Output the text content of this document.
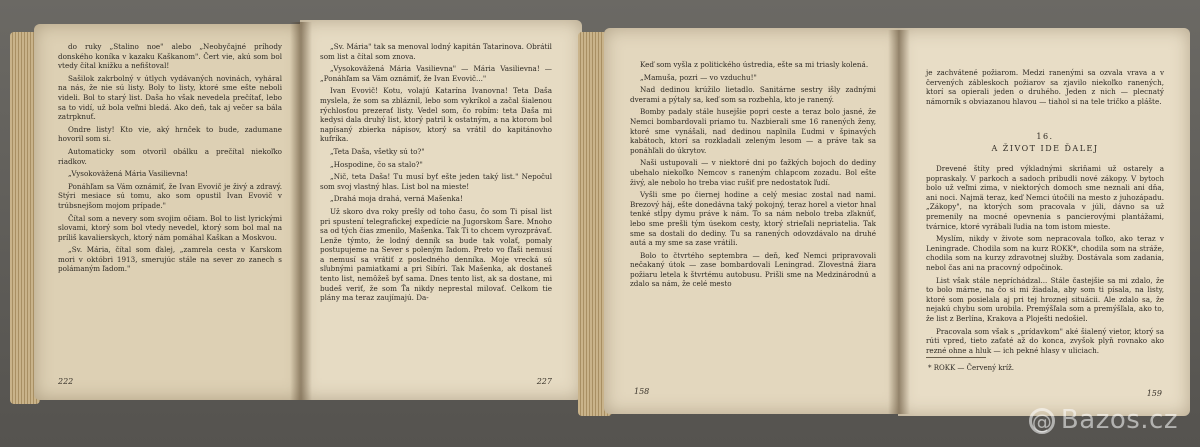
do ruky „Stalino noe" alebo „Neobyčajné príhody donského koníka v kazaku Kaškanom". Čert vie, akú som bol vtedy čítal knižku a nefištoval!

Sašilok zakrbolný v útlych vydávaných novinách, vyháral na nás, že nie sú listy. Boly to listy, ktoré sme ešte neboli videli. Bol to starý list. Daša ho však nevedela prečítať, lebo sa to vidí, už bola veľmi bledá. Ako deň, tak aj večer sa bála zatrpknuť.

Ondre listy! Kto vie, aký hrnček to bude, zadumane hovoril som si.

Automaticky som otvoril obálku a prečítal niekoľko riadkov.

„Vysokoväžená Mária Vasilievna!

Ponáhľam sa Vám oznámiť, že Ivan Evovič je živý a zdravý. Stýri mesiace sú tomu, ako som opustil Ivan Evovič v trúbsnejšom mojom prípade."

Čítal som a nevery som svojim očiam. Bol to list lyrickými slovami, ktorý som bol vtedy nevedel, ktorý som bol mal na príliš kavalierskych, ktorý nám pomáhal Kaškan a Moskvou.

„Sv. Mária, čítal som ďalej, „zamrela cesta v Karskom mori v októbri 1913, smerujúc stále na sever zo zanech s polámaným ľadom."

222

„Sv. Mária" tak sa menoval lodný kapitán Tatarinova. Obrátil som list a čítal som znova.

„Vysokoväžená Mária Vasilievna" — Mária Vasilievna! — „Ponáhľam sa Vám oznámiť, že Ivan Evovič..."

Ivan Evovič! Kotu, volajú Katarína Ivanovna! Teta Daša myslela, že som sa zbláznil, lebo som vykríkol a začal šialenou rýchlosťou prezerať listy. Vedel som, čo robím: teta Daša mi kedysi dala druhý list, ktorý patril k ostatným, a na ktorom bol napísaný zbierka nápisov, ktorý sa vrátil do kapitánovho kufríka.

„Teta Daša, všetky sú to?"

„Hospodine, čo sa stalo?"

„Nič, teta Daša! Tu musí byť ešte jeden taký list." Nepočul som svoj vlastný hlas. List bol na mieste!

„Drahá moja drahá, verná Mašenka!

Už skoro dva roky prešly od toho času, čo som Ti písal list pri spustení telegrafickej expedície na Jugorskom Šare. Mnoho sa od tých čias zmenilo, Mašenka. Tak Ti to chcem vyrozprávať. Lenže týmto, že lodný denník sa bude tak volať, pomaly postupujeme na Sever s poleným ľadom. Preto vo fľaši nemusí a nemusí sa vrátiť z posledného denníka. Moje vrecká sú sľubnými pamiatkami a pri Sibíri. Tak Mašenka, ak dostaneš tento list, nemôžeš byť sama. Dnes tento list, ak sa dostane, mi budeš veriť, že som Ťa nikdy neprestal milovať. Celkom tie plány ma teraz zaujímajú. Da-

227

Keď som vyšla z politického ústredia, ešte sa mi triasly kolená.

„Mamuša, pozri — vo vzduchu!"

Nad dedinou krúžilo lietadlo. Sanitárne sestry išly zadnými dverami a pýtaly sa, keď som sa rozbehla, kto je ranený.

Bomby padaly stále husejšie popri ceste a teraz bolo jasné, že Nemci bombardovali priamo tu. Nazbierali sme 16 ranených ženy, ktoré sme vynášali, nad dedinou naplnila Ľudmi v špinavých kabátoch, ktorí sa rozkladali zeleným lesom — a práve tak sa ponáhľali do úkrytov.

Naši ustupovali — v niektoré dni po ťažkých bojoch do dediny ubehalo niekoľko Nemcov s raneným chlapcom zozadu. Bol ešte živý, ale nebolo ho treba viac rušiť pre nedostatok ľudí.

Vyšli sme po čiernej hodine a celý mesiac zostal nad nami. Brezový háj, ešte donedávna taký pokojný, teraz horel a vietor hnal tenké stĺpy dymu práve k nám. To sa nám nebolo treba zľaknúť, lebo sme prešli tým úsekom cesty, ktorý strieľali nepriatelia. Tak sme sa dostali do dediny. Tu sa ranených odovzdávalo na druhé autá a my sme sa zase vrátili.

Bolo to čtvrtého septembra — deň, keď Nemci pripravovali nečakaný útok — zase bombardovali Leningrad. Zlovestná žiara požiaru letela k štvrtému autobusu. Prišli sme na Medzinárodnú a zdalo sa nám, že celé mesto

158

je zachvátené požiarom. Medzi ranenými sa ozvala vrava a v červených zábleskoch požiarov sa zjavilo niekoľko ranených, ktorí sa opierali jeden o druhého. Jeden z nich — plecnatý námorník s obviazanou hlavou — tiahol si na tele tričko a plášte.

16.
A ŽIVOT IDE ĎALEJ

Drevené štíty pred výkladnými skriňami už ostarely a popraskaly. V parkoch a sadoch pribudli nové zákopy. V bytoch bolo už veľmi zima, v niektorých domoch sme neznali ani dňa, ani noci. Najmä teraz, keď Nemci útočili na mesto z juhozápadu. „Zákopy", na ktorých som pracovala v júli, dávno sa už premenily na mocné opevnenia s pancierovými plantážami, tvárnice, ktoré vyrábali ľudia na tom istom mieste.

Myslím, nikdy v živote som nepracovala toľko, ako teraz v Leningrade. Chodila som na kurz ROKK*, chodila som na stráže, chodila som na kurzy zdravotnej služby. Dostávala som zadania, nebol čas ani na pracovný odpočinok.

List však stále nepríchádzal... Stále častejšie sa mi zdalo, že to bolo márne, na čo si mi žiadala, aby som ti písala, na listy, ktoré som posielala aj pri tej hroznej situácii. Ale zdalo sa, že nejakú chybu som urobila. Premýšľala som a premýšľala, ako to, že list z Berlína, Krakova a Ploješti nedošiel.

Pracovala som však s „prídavkom" aké šialený vietor, ktorý sa rúti vpred, tieto zaťaté až do konca, zvyšok plyň rovnako ako rezné ohne a hluk — ich pekné hlasy v uliciach.

* ROKK — Červený kríž.
159
@ Bazos.cz
